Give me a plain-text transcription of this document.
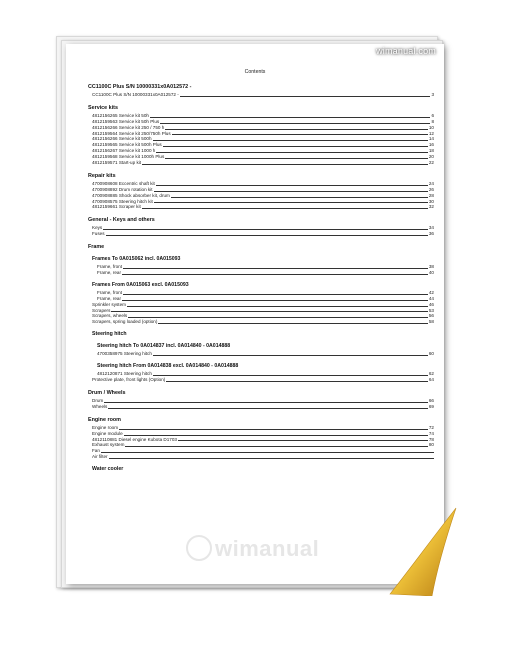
wimanual.com
Contents
CC1100C Plus S/N 10000331x0A012572 -
CC1100C Plus S/N 10000331x0A012572 -	3
Service kits
4812156265 Service kit 50h	6
4812159563 Service kit 50h Plus	8
4812156266 Service kit 250 / 750 h	10
4812159564 Service kit 250/750h Plus	12
4812156266 Service kit 500h	14
4812159565 Service kit 500h Plus	16
4812156267 Service kit 1000 h	18
4812159568 Service kit 1000h Plus	20
4812159571 Start-up kit	22
Repair kits
4700908608 Eccentric shaft kit	24
4700908892 Drum rotation kit	26
4700908885 Shock absorber kit, drum	28
4700908575 Steering hitch kit	30
4812159661 Scraper kit	32
General - Keys and others
Keys	34
Fuses	36
Frame
Frames To 0A015062 incl. 0A015093
Frame, front	38
Frame, rear	40
Frames From 0A015063 excl. 0A015093
Frame, front	42
Frame, rear	44
Sprinkler system	46
Scrapers	53
Scrapers, wheels	56
Scrapers, spring loaded (option)	58
Steering hitch
Steering hitch To 0A014837 incl. 0A014840 - 0A014888
4700358975 Steering hitch	60
Steering hitch From 0A014838 excl. 0A014840 - 0A014888
4812120871 Steering hitch	62
Protective plate, front lights (Option)	64
Drum / Wheels
Drum	66
Wheels	69
Engine room
Engine room	72
Engine module	74
4812110881 Diesel engine Kubota D1703	78
Exhaust system	80
Fan
Air filter
Water cooler
wimanual
